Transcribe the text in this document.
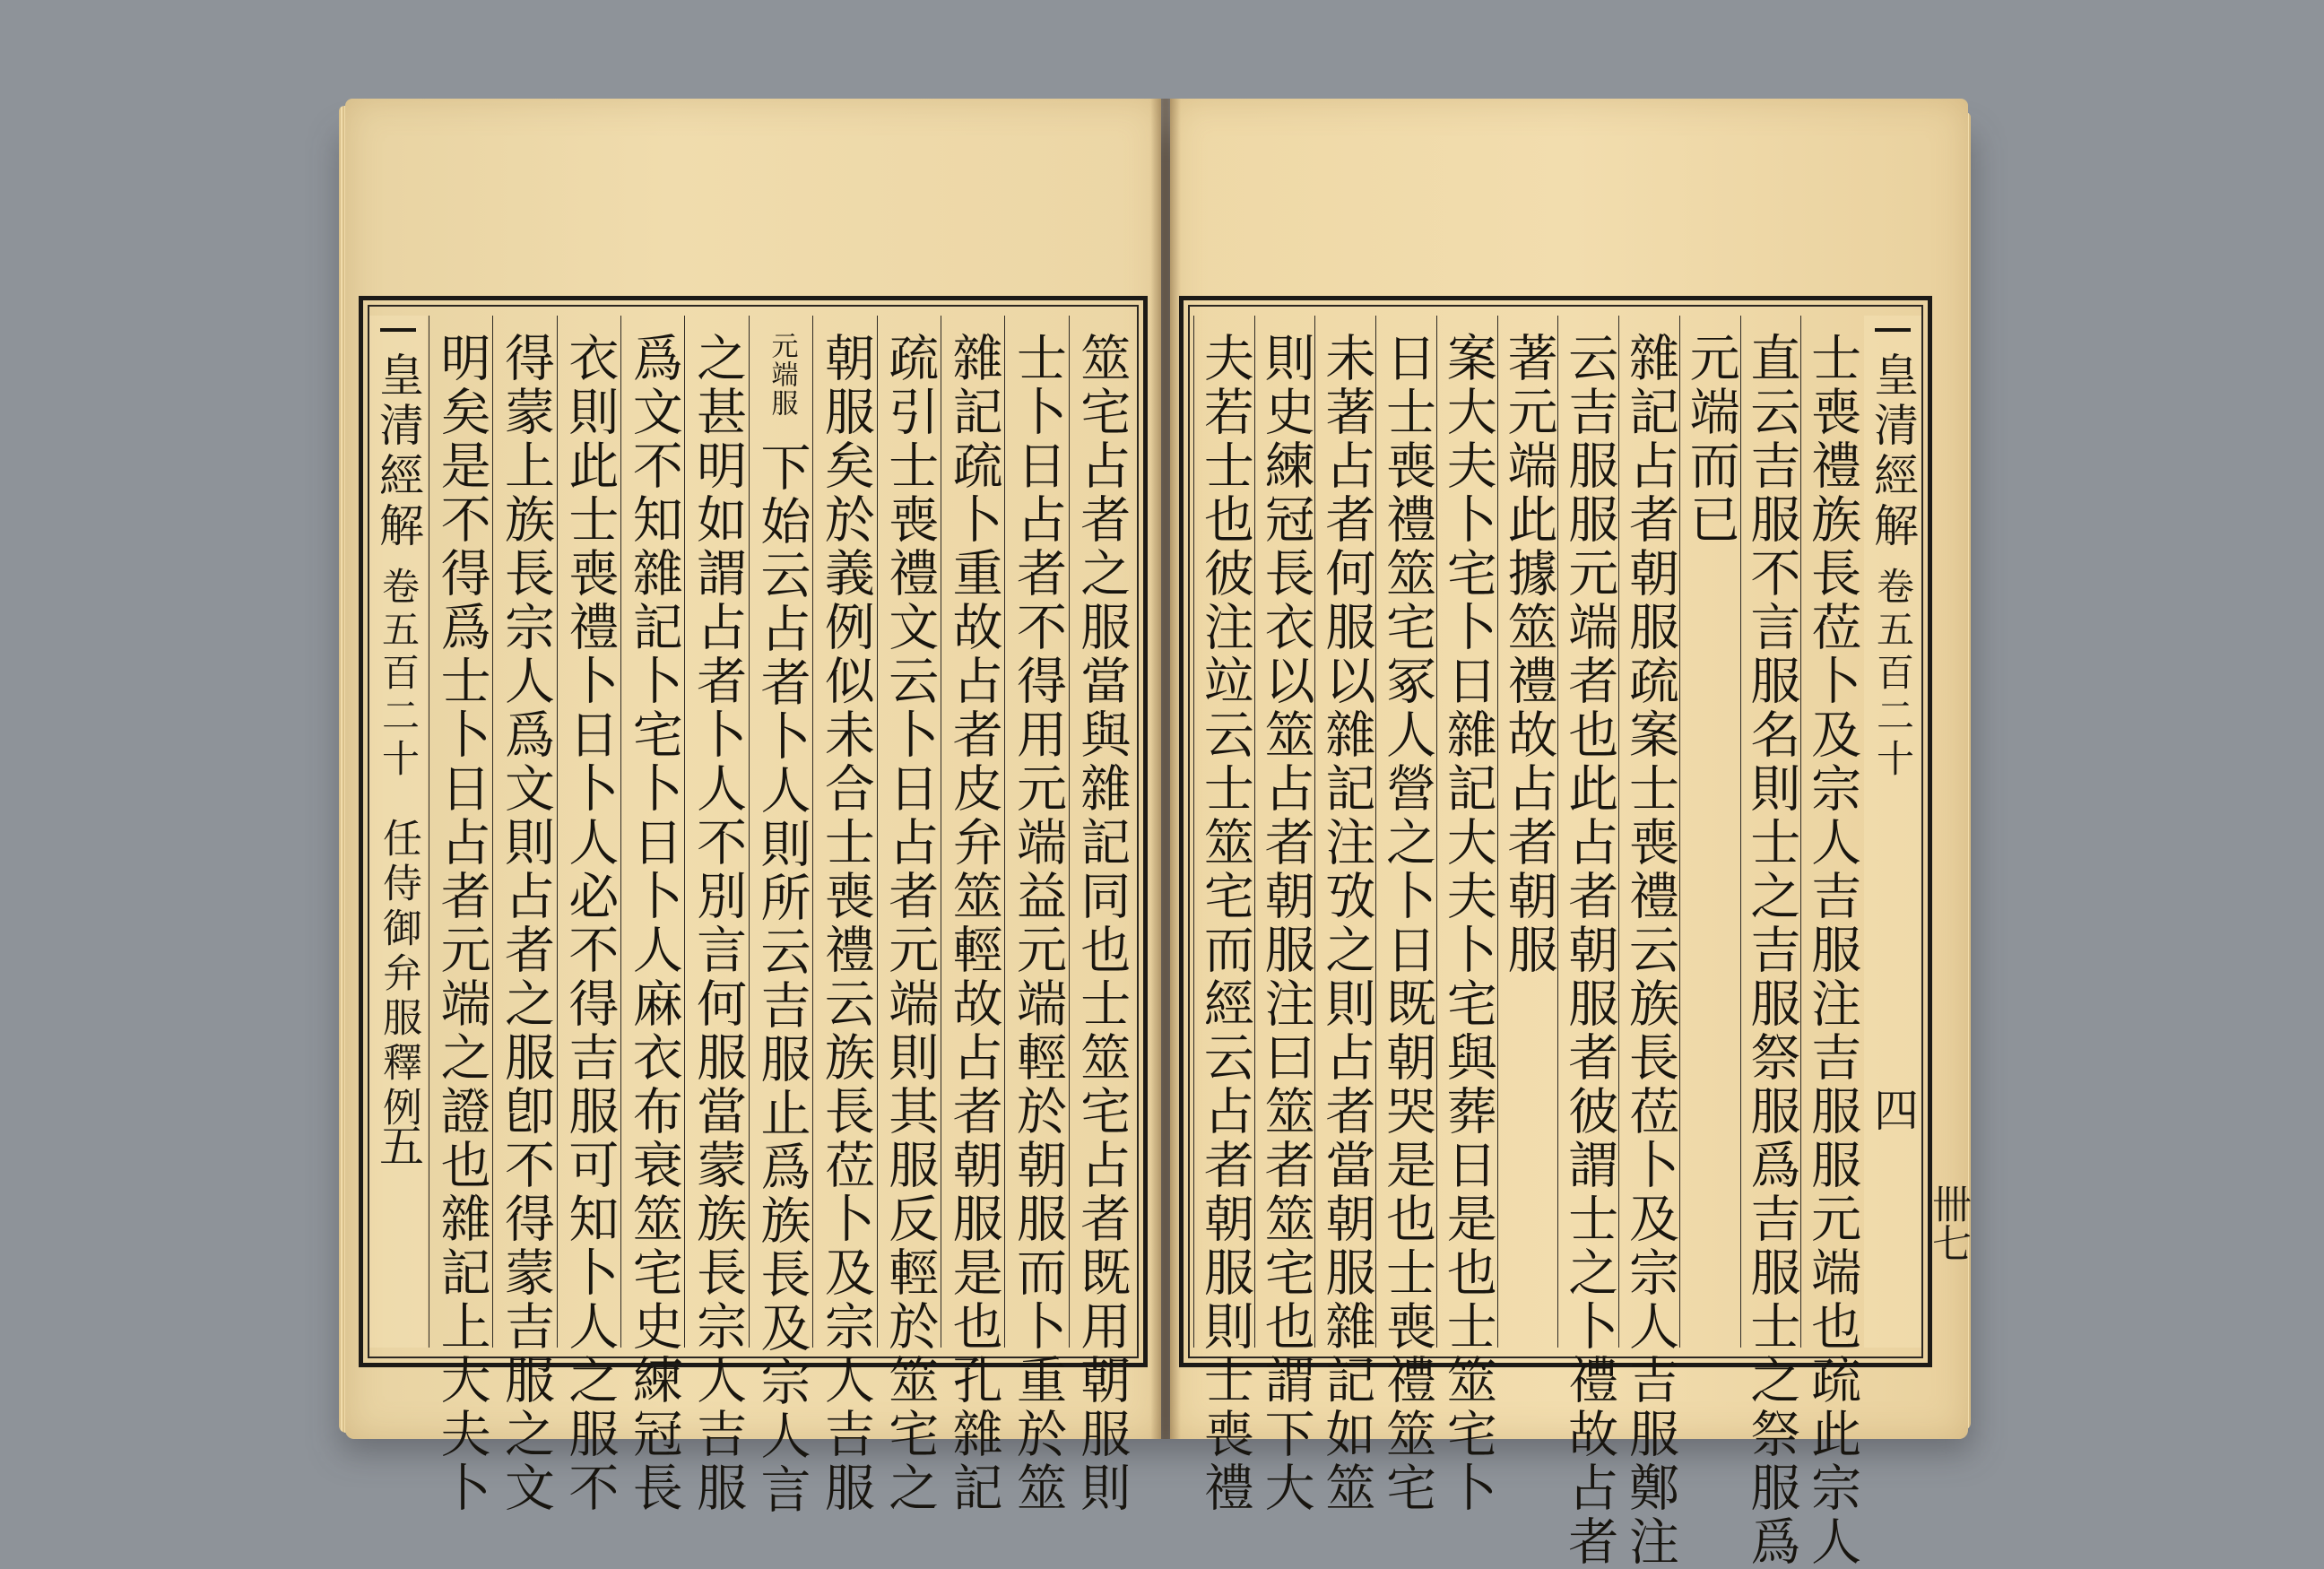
筮宅占者之服當與雜記同也士筮宅占者既用朝服則
士卜日占者不得用元端益元端輕於朝服而卜重於筮
雜記疏卜重故占者皮弁筮輕故占者朝服是也孔雜記
疏引士喪禮文云卜日占者元端則其服反輕於筮宅之
朝服矣於義例似未合士喪禮云族長莅卜及宗人吉服
元端服
下始云占者卜人則所云吉服止爲族長及宗人言
之甚明如謂占者卜人不別言何服當蒙族長宗人吉服
爲文不知雜記卜宅卜日卜人麻衣布衰筮宅史練冠長
衣則此士喪禮卜日卜人必不得吉服可知卜人之服不
得蒙上族長宗人爲文則占者之服卽不得蒙吉服之文
明矣是不得爲士卜日占者元端之證也雜記上大夫卜
皇清經解
卷五百二十
任侍御弁服釋例
五	士喪禮族長莅卜及宗人吉服注吉服服元端也疏此宗人
直云吉服不言服名則士之吉服祭服爲吉服士之祭服爲
元端而已
雜記占者朝服疏案士喪禮云族長莅卜及宗人吉服鄭注
云吉服服元端者也此占者朝服者彼謂士之卜禮故占者
著元端此據筮禮故占者朝服
案大夫卜宅卜日雜記大夫卜宅與葬日是也士筮宅卜
日士喪禮筮宅冢人營之卜日既朝哭是也士喪禮筮宅
未著占者何服以雜記注攷之則占者當朝服雜記如筮
則史練冠長衣以筮占者朝服注曰筮者筮宅也謂下大
夫若士也彼注竝云士筮宅而經云占者朝服則士喪禮	皇清經解
卷五百二十
四
卌七
